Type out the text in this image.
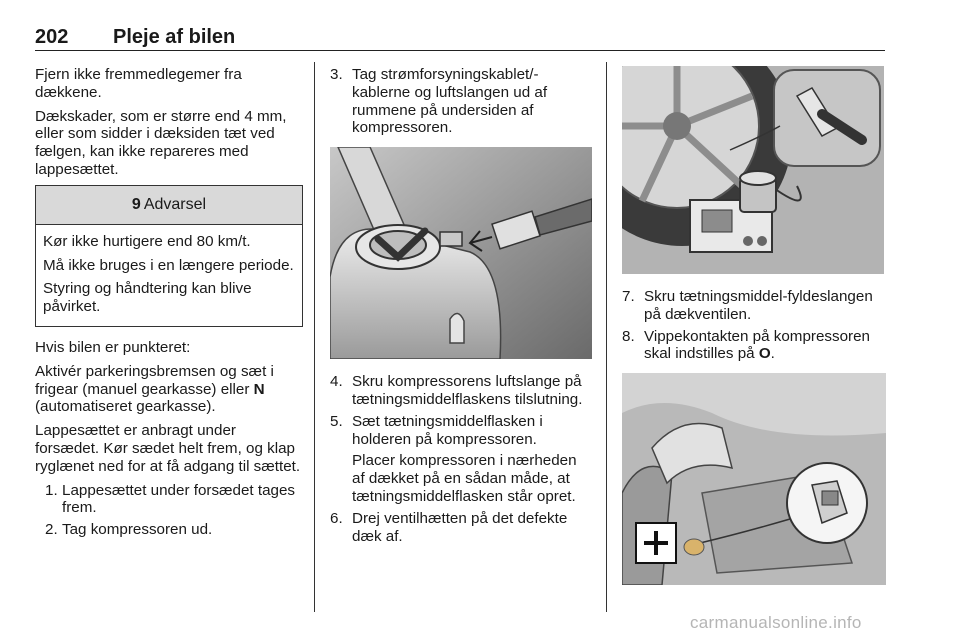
202 Pleje af bilen

Fjern ikke fremmedlegemer fra dækkene.

Dækskader, som er større end 4 mm, eller som sidder i dæksiden tæt ved fælgen, kan ikke repareres med lappesættet.

9 Advarsel

Kør ikke hurtigere end 80 km/t.

Må ikke bruges i en længere periode.

Styring og håndtering kan blive påvirket.

Hvis bilen er punkteret:

Aktivér parkeringsbremsen og sæt i frigear (manuel gearkasse) eller N (automatiseret gearkasse).

Lappesættet er anbragt under forsædet. Kør sædet helt frem, og klap ryglænet ned for at få adgang til sættet.

1. Lappesættet under forsædet tages frem.
2. Tag kompressoren ud.
3. Tag strømforsyningskablet/-kablerne og luftslangen ud af rummene på undersiden af kompressoren.
4. Skru kompressorens luftslange på tætningsmiddelflaskens tilslutning.
5. Sæt tætningsmiddelflasken i holderen på kompressoren.
Placer kompressoren i nærheden af dækket på en sådan måde, at tætningsmiddelflasken står opret.
6. Drej ventilhætten på det defekte dæk af.
7. Skru tætningsmiddel-fyldeslangen på dækventilen.
8. Vippekontakten på kompressoren skal indstilles på O.
carmanualsonline.info
